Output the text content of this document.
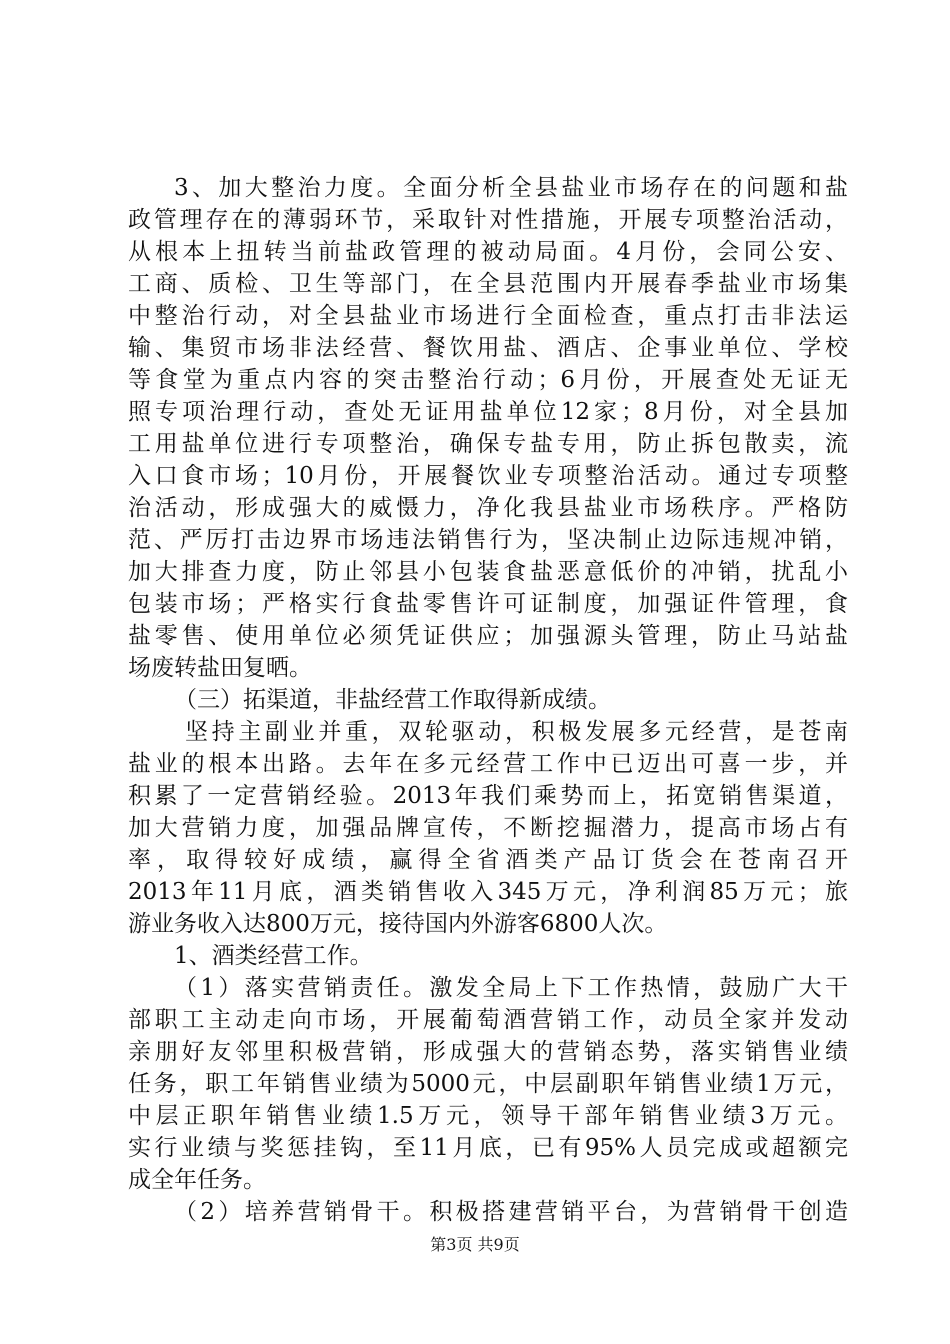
3、加大整治力度。全面分析全县盐业市场存在的问题和盐
政管理存在的薄弱环节，采取针对性措施，开展专项整治活动，
从根本上扭转当前盐政管理的被动局面。4月份，会同公安、
工商、质检、卫生等部门，在全县范围内开展春季盐业市场集
中整治行动，对全县盐业市场进行全面检查，重点打击非法运
输、集贸市场非法经营、餐饮用盐、酒店、企事业单位、学校
等食堂为重点内容的突击整治行动；6月份，开展查处无证无
照专项治理行动，查处无证用盐单位12家；8月份，对全县加
工用盐单位进行专项整治，确保专盐专用，防止拆包散卖，流
入口食市场；10月份，开展餐饮业专项整治活动。通过专项整
治活动，形成强大的威慑力，净化我县盐业市场秩序。严格防
范、严厉打击边界市场违法销售行为，坚决制止边际违规冲销，
加大排查力度，防止邻县小包装食盐恶意低价的冲销，扰乱小
包装市场；严格实行食盐零售许可证制度，加强证件管理，食
盐零售、使用单位必须凭证供应；加强源头管理，防止马站盐
场废转盐田复晒。
（三）拓渠道，非盐经营工作取得新成绩。
坚持主副业并重，双轮驱动，积极发展多元经营，是苍南
盐业的根本出路。去年在多元经营工作中已迈出可喜一步，并
积累了一定营销经验。2013年我们乘势而上，拓宽销售渠道，
加大营销力度，加强品牌宣传，不断挖掘潜力，提高市场占有
率，取得较好成绩，赢得全省酒类产品订货会在苍南召开
2013年11月底，酒类销售收入345万元，净利润85万元；旅
游业务收入达800万元，接待国内外游客6800人次。
1、酒类经营工作。
（1）落实营销责任。激发全局上下工作热情，鼓励广大干
部职工主动走向市场，开展葡萄酒营销工作，动员全家并发动
亲朋好友邻里积极营销，形成强大的营销态势，落实销售业绩
任务，职工年销售业绩为5000元，中层副职年销售业绩1万元，
中层正职年销售业绩1.5万元，领导干部年销售业绩3万元。
实行业绩与奖惩挂钩，至11月底，已有95%人员完成或超额完
成全年任务。
（2）培养营销骨干。积极搭建营销平台，为营销骨干创造
第3页 共9页
